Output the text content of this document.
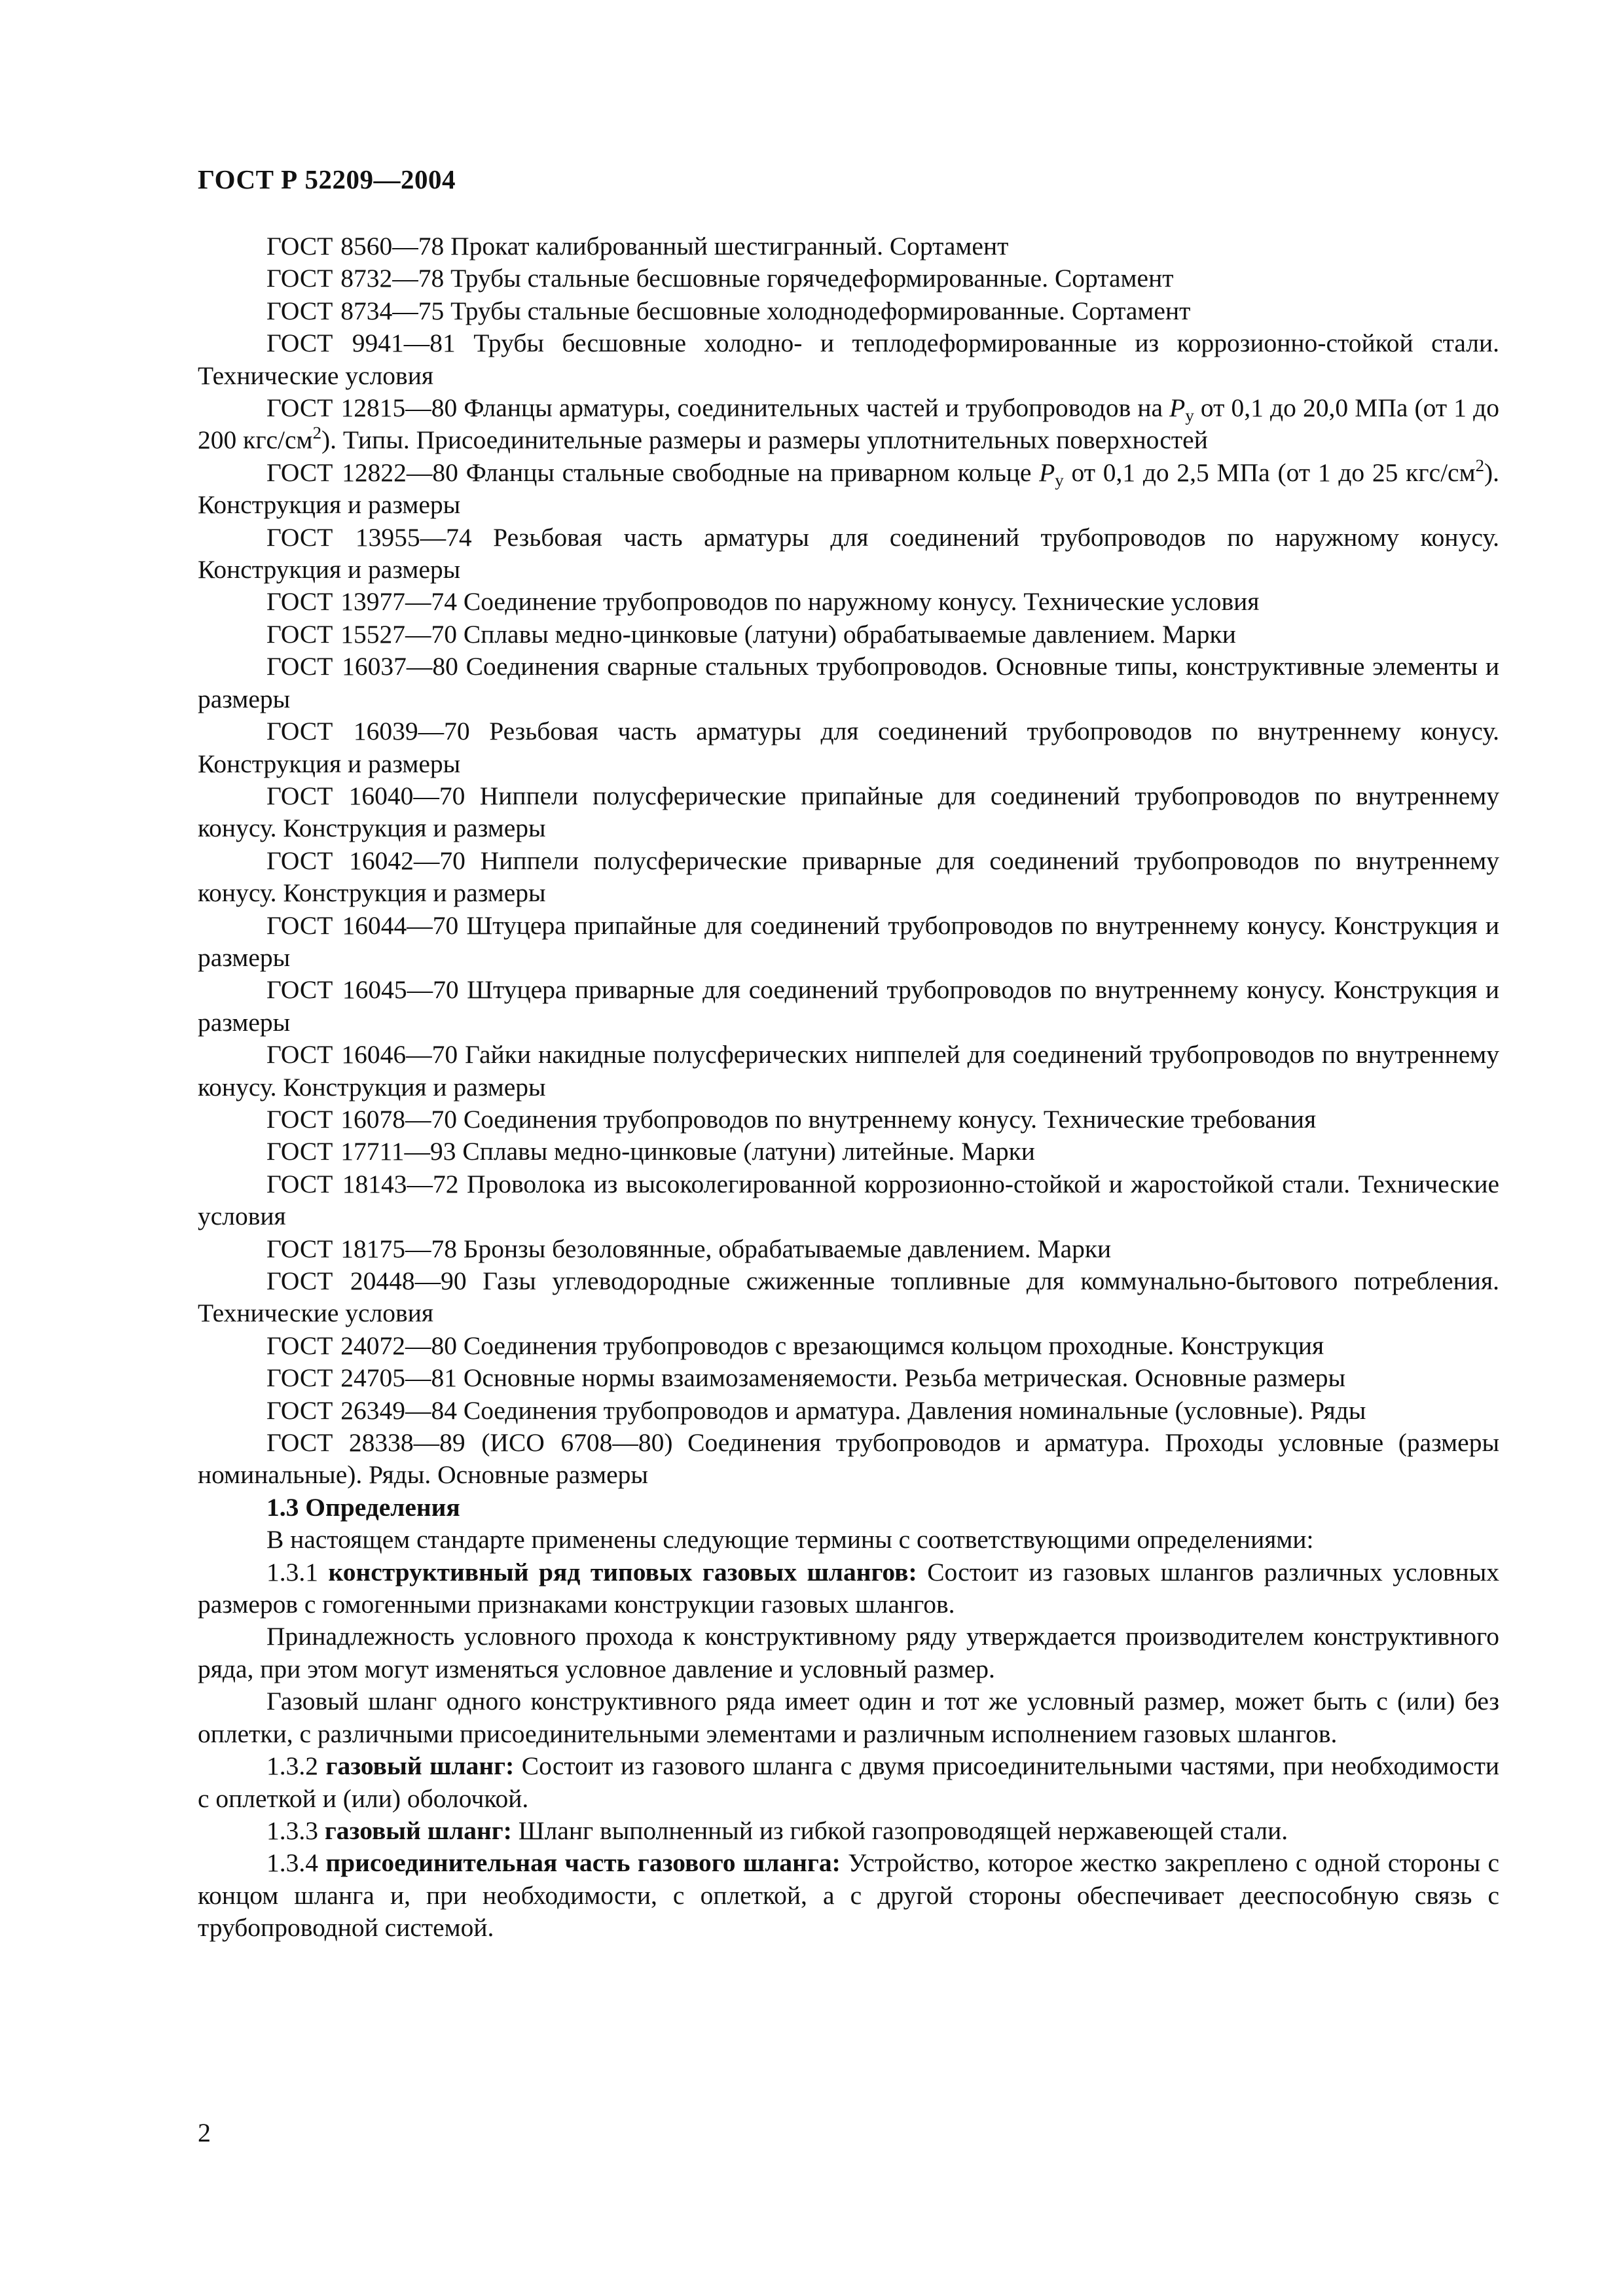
ГОСТ Р 52209—2004

ГОСТ 8560—78 Прокат калиброванный шестигранный. Сортамент

ГОСТ 8732—78 Трубы стальные бесшовные горячедеформированные. Сортамент

ГОСТ 8734—75 Трубы стальные бесшовные холоднодеформированные. Сортамент

ГОСТ 9941—81 Трубы бесшовные холодно- и теплодеформированные из коррозионно-стойкой стали. Технические условия

ГОСТ 12815—80 Фланцы арматуры, соединительных частей и трубопроводов на $P_у$ от 0,1 до 20,0 МПа (от 1 до 200 кгс/$см^2$). Типы. Присоединительные размеры и размеры уплотнительных поверхностей

ГОСТ 12822—80 Фланцы стальные свободные на приварном кольце $P_у$ от 0,1 до 2,5 МПа (от 1 до 25 кгс/$см^2$). Конструкция и размеры

ГОСТ 13955—74 Резьбовая часть арматуры для соединений трубопроводов по наружному конусу. Конструкция и размеры

ГОСТ 13977—74 Соединение трубопроводов по наружному конусу. Технические условия

ГОСТ 15527—70 Сплавы медно-цинковые (латуни) обрабатываемые давлением. Марки

ГОСТ 16037—80 Соединения сварные стальных трубопроводов. Основные типы, конструктивные элементы и размеры

ГОСТ 16039—70 Резьбовая часть арматуры для соединений трубопроводов по внутреннему конусу. Конструкция и размеры

ГОСТ 16040—70 Ниппели полусферические припайные для соединений трубопроводов по внутреннему конусу. Конструкция и размеры

ГОСТ 16042—70 Ниппели полусферические приварные для соединений трубопроводов по внутреннему конусу. Конструкция и размеры

ГОСТ 16044—70 Штуцера припайные для соединений трубопроводов по внутреннему конусу. Конструкция и размеры

ГОСТ 16045—70 Штуцера приварные для соединений трубопроводов по внутреннему конусу. Конструкция и размеры

ГОСТ 16046—70 Гайки накидные полусферических ниппелей для соединений трубопроводов по внутреннему конусу. Конструкция и размеры

ГОСТ 16078—70 Соединения трубопроводов по внутреннему конусу. Технические требования

ГОСТ 17711—93 Сплавы медно-цинковые (латуни) литейные. Марки

ГОСТ 18143—72 Проволока из высоколегированной коррозионно-стойкой и жаростойкой стали. Технические условия

ГОСТ 18175—78 Бронзы безоловянные, обрабатываемые давлением. Марки

ГОСТ 20448—90 Газы углеводородные сжиженные топливные для коммунально-бытового потребления. Технические условия

ГОСТ 24072—80 Соединения трубопроводов с врезающимся кольцом проходные. Конструкция

ГОСТ 24705—81 Основные нормы взаимозаменяемости. Резьба метрическая. Основные размеры

ГОСТ 26349—84 Соединения трубопроводов и арматура. Давления номинальные (условные). Ряды

ГОСТ 28338—89 (ИСО 6708—80) Соединения трубопроводов и арматура. Проходы условные (размеры номинальные). Ряды. Основные размеры

1.3 Определения

В настоящем стандарте применены следующие термины с соответствующими определениями:

1.3.1 конструктивный ряд типовых газовых шлангов: Состоит из газовых шлангов различных условных размеров с гомогенными признаками конструкции газовых шлангов.

Принадлежность условного прохода к конструктивному ряду утверждается производителем конструктивного ряда, при этом могут изменяться условное давление и условный размер.

Газовый шланг одного конструктивного ряда имеет один и тот же условный размер, может быть с (или) без оплетки, с различными присоединительными элементами и различным исполнением газовых шлангов.

1.3.2 газовый шланг: Состоит из газового шланга с двумя присоединительными частями, при необходимости с оплеткой и (или) оболочкой.

1.3.3 газовый шланг: Шланг выполненный из гибкой газопроводящей нержавеющей стали.

1.3.4 присоединительная часть газового шланга: Устройство, которое жестко закреплено с одной стороны с концом шланга и, при необходимости, с оплеткой, а с другой стороны обеспечивает дееспособную связь с трубопроводной системой.

2
